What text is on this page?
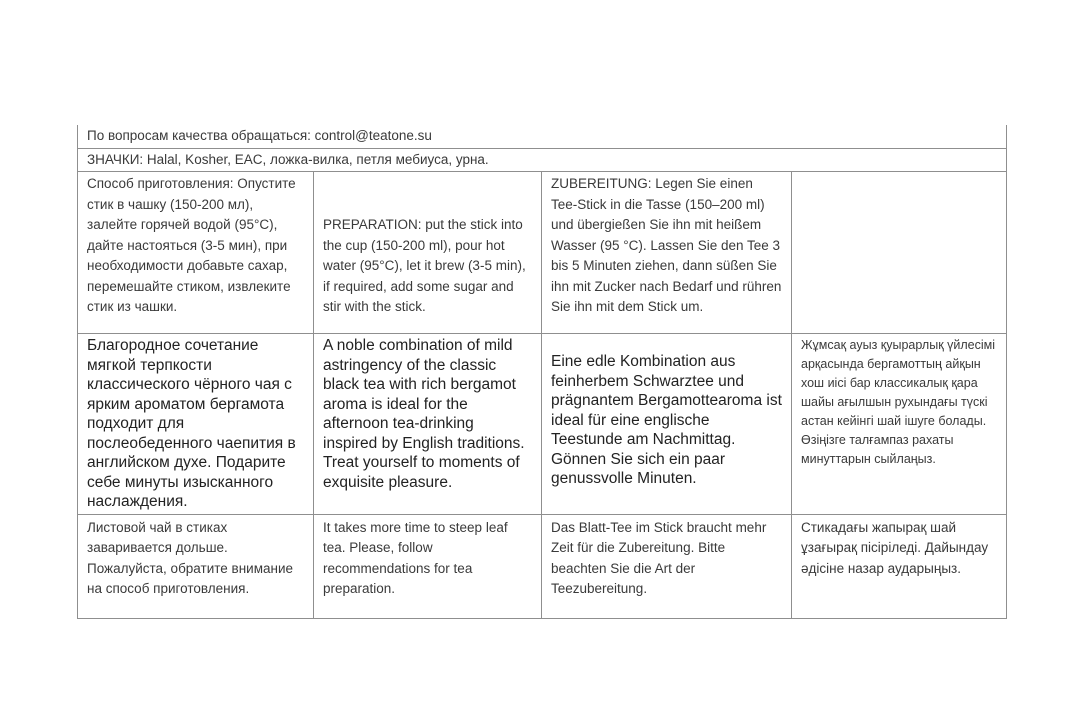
По вопросам качества обращаться: control@teatone.su			
ЗНАЧКИ: Halal, Kosher, EAC, ложка-вилка, петля мебиуса, урна.			
Способ приготовления: Опустите стик в чашку (150-200 мл), залейте горячей водой (95°C), дайте настояться (3-5 мин), при необходимости добавьте сахар, перемешайте стиком, извлеките стик из чашки.	PREPARATION: put the stick into the cup (150-200 ml), pour hot water (95°C), let it brew (3-5 min), if required, add some sugar and stir with the stick.	ZUBEREITUNG: Legen Sie einen Tee-Stick in die Tasse (150–200 ml) und übergießen Sie ihn mit heißem Wasser (95 °C). Lassen Sie den Tee 3 bis 5 Minuten ziehen, dann süßen Sie ihn mit Zucker nach Bedarf und rühren Sie ihn mit dem Stick um.	
Благородное сочетание мягкой терпкости классического чёрного чая с ярким ароматом бергамота подходит для послеобеденного чаепития в английском духе. Подарите себе минуты изысканного наслаждения.	A noble combination of mild astringency of the classic black tea with rich bergamot aroma is ideal for the afternoon tea-drinking inspired by English traditions. Treat yourself to moments of exquisite pleasure.	Eine edle Kombination aus feinherbem Schwarztee und prägnantem Bergamottearoma ist ideal für eine englische Teestunde am Nachmittag. Gönnen Sie sich ein paar genussvolle Minuten.	Жұмсақ ауыз қуырарлық үйлесімі арқасында бергамоттың айқын хош иісі бар классикалық қара шайы ағылшын рухындағы түскі астан кейінгі шай ішуге болады. Өзіңізге талғампаз рахаты минуттарын сыйлаңыз.
Листовой чай в стиках заваривается дольше. Пожалуйста, обратите внимание на способ приготовления.	It takes more time to steep leaf tea. Please, follow recommendations for tea preparation.	Das Blatt-Tee im Stick braucht mehr Zeit für die Zubereitung. Bitte beachten Sie die Art der Teezubereitung.	Стикадағы жапырақ шай ұзағырақ пісіріледі. Дайындау әдісіне назар аударыңыз.
